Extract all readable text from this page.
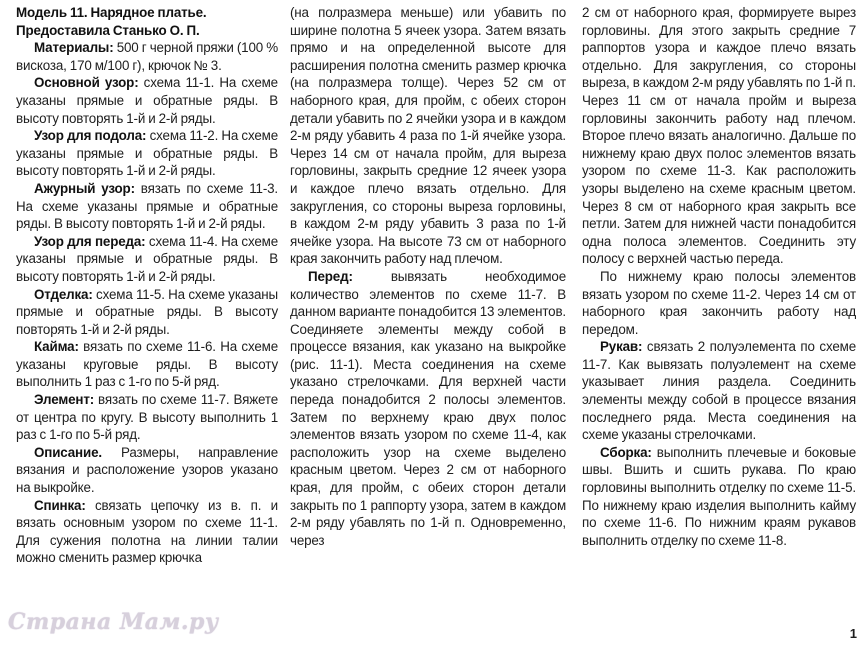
Модель 11. Нарядное платье.

Предоставила Станько О. П.

Материалы: 500 г черной пряжи (100 % вискоза, 170 м/100 г), крючок № 3.

Основной узор: схема 11-1. На схеме указаны прямые и обратные ряды. В высоту повторять 1-й и 2-й ряды.

Узор для подола: схема 11-2. На схеме указаны прямые и обратные ряды. В высоту повторять 1-й и 2-й ряды.

Ажурный узор: вязать по схеме 11-3. На схеме указаны прямые и обратные ряды. В высоту повторять 1-й и 2-й ряды.

Узор для переда: схема 11-4. На схеме указаны прямые и обратные ряды. В высоту повторять 1-й и 2-й ряды.

Отделка: схема 11-5. На схеме указаны прямые и обратные ряды. В высоту повторять 1-й и 2-й ряды.

Кайма: вязать по схеме 11-6. На схеме указаны круговые ряды. В высоту выполнить 1 раз с 1-го по 5-й ряд.

Элемент: вязать по схеме 11-7. Вяжете от центра по кругу. В высоту выполнить 1 раз с 1-го по 5-й ряд.

Описание. Размеры, направление вязания и расположение узоров указано на выкройке.

Спинка: связать цепочку из в. п. и вязать основным узором по схеме 11-1. Для сужения полотна на линии талии можно сменить размер крючка

(на полразмера меньше) или убавить по ширине полотна 5 ячеек узора. Затем вязать прямо и на определенной высоте для расширения полотна сменить размер крючка (на полразмера толще). Через 52 см от наборного края, для пройм, с обеих сторон детали убавить по 2 ячейки узора и в каждом 2-м ряду убавить 4 раза по 1-й ячейке узора. Через 14 см от начала пройм, для выреза горловины, закрыть средние 12 ячеек узора и каждое плечо вязать отдельно. Для закругления, со стороны выреза горловины, в каждом 2-м ряду убавить 3 раза по 1-й ячейке узора. На высоте 73 см от наборного края закончить работу над плечом.

Перед: вывязать необходимое количество элементов по схеме 11-7. В данном варианте понадобится 13 элементов. Соединяете элементы между собой в процессе вязания, как указано на выкройке (рис. 11-1). Места соединения на схеме указано стрелочками. Для верхней части переда понадобится 2 полосы элементов. Затем по верхнему краю двух полос элементов вязать узором по схеме 11-4, как расположить узор на схеме выделено красным цветом. Через 2 см от наборного края, для пройм, с обеих сторон детали закрыть по 1 раппорту узора, затем в каждом 2-м ряду убавлять по 1-й п. Одновременно, через

2 см от наборного края, формируете вырез горловины. Для этого закрыть средние 7 раппортов узора и каждое плечо вязать отдельно. Для закругления, со стороны выреза, в каждом 2-м ряду убавлять по 1-й п. Через 11 см от начала пройм и выреза горловины закончить работу над плечом. Второе плечо вязать аналогично. Дальше по нижнему краю двух полос элементов вязать узором по схеме 11-3. Как расположить узоры выделено на схеме красным цветом. Через 8 см от наборного края закрыть все петли. Затем для нижней части понадобится одна полоса элементов. Соединить эту полосу с верхней частью переда.

По нижнему краю полосы элементов вязать узором по схеме 11-2. Через 14 см от наборного края закончить работу над передом.

Рукав: связать 2 полуэлемента по схеме 11-7. Как вывязать полуэлемент на схеме указывает линия раздела. Соединить элементы между собой в процессе вязания последнего ряда. Места соединения на схеме указаны стрелочками.

Сборка: выполнить плечевые и боковые швы. Вшить и сшить рукава. По краю горловины выполнить отделку по схеме 11-5. По нижнему краю изделия выполнить кайму по схеме 11-6. По нижним краям рукавов выполнить отделку по схеме 11-8.

Страна Мам.ру	1
